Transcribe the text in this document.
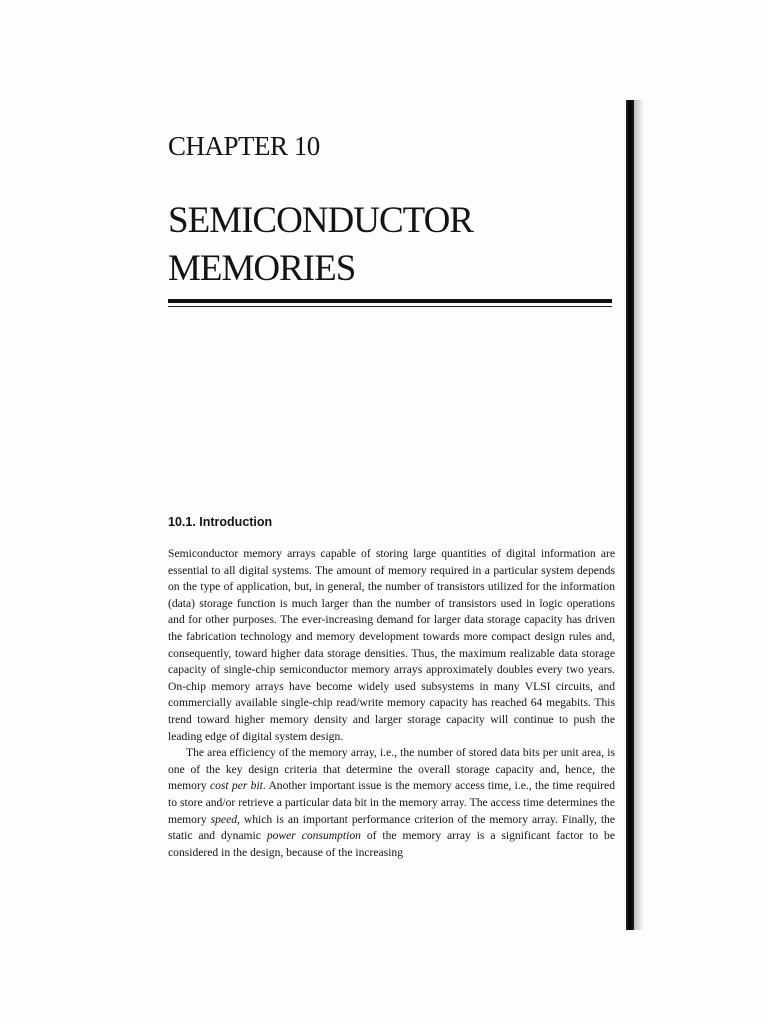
CHAPTER 10
SEMICONDUCTOR
MEMORIES
10.1. Introduction

Semiconductor memory arrays capable of storing large quantities of digital information are essential to all digital systems. The amount of memory required in a particular system depends on the type of application, but, in general, the number of transistors utilized for the information (data) storage function is much larger than the number of transistors used in logic operations and for other purposes. The ever-increasing demand for larger data storage capacity has driven the fabrication technology and memory development towards more compact design rules and, consequently, toward higher data storage densities. Thus, the maximum realizable data storage capacity of single-chip semiconductor memory arrays approximately doubles every two years. On-chip memory arrays have become widely used subsystems in many VLSI circuits, and commercially available single-chip read/write memory capacity has reached 64 megabits. This trend toward higher memory density and larger storage capacity will continue to push the leading edge of digital system design.

The area efficiency of the memory array, i.e., the number of stored data bits per unit area, is one of the key design criteria that determine the overall storage capacity and, hence, the memory cost per bit. Another important issue is the memory access time, i.e., the time required to store and/or retrieve a particular data bit in the memory array. The access time determines the memory speed, which is an important performance criterion of the memory array. Finally, the static and dynamic power consumption of the memory array is a significant factor to be considered in the design, because of the increasing
